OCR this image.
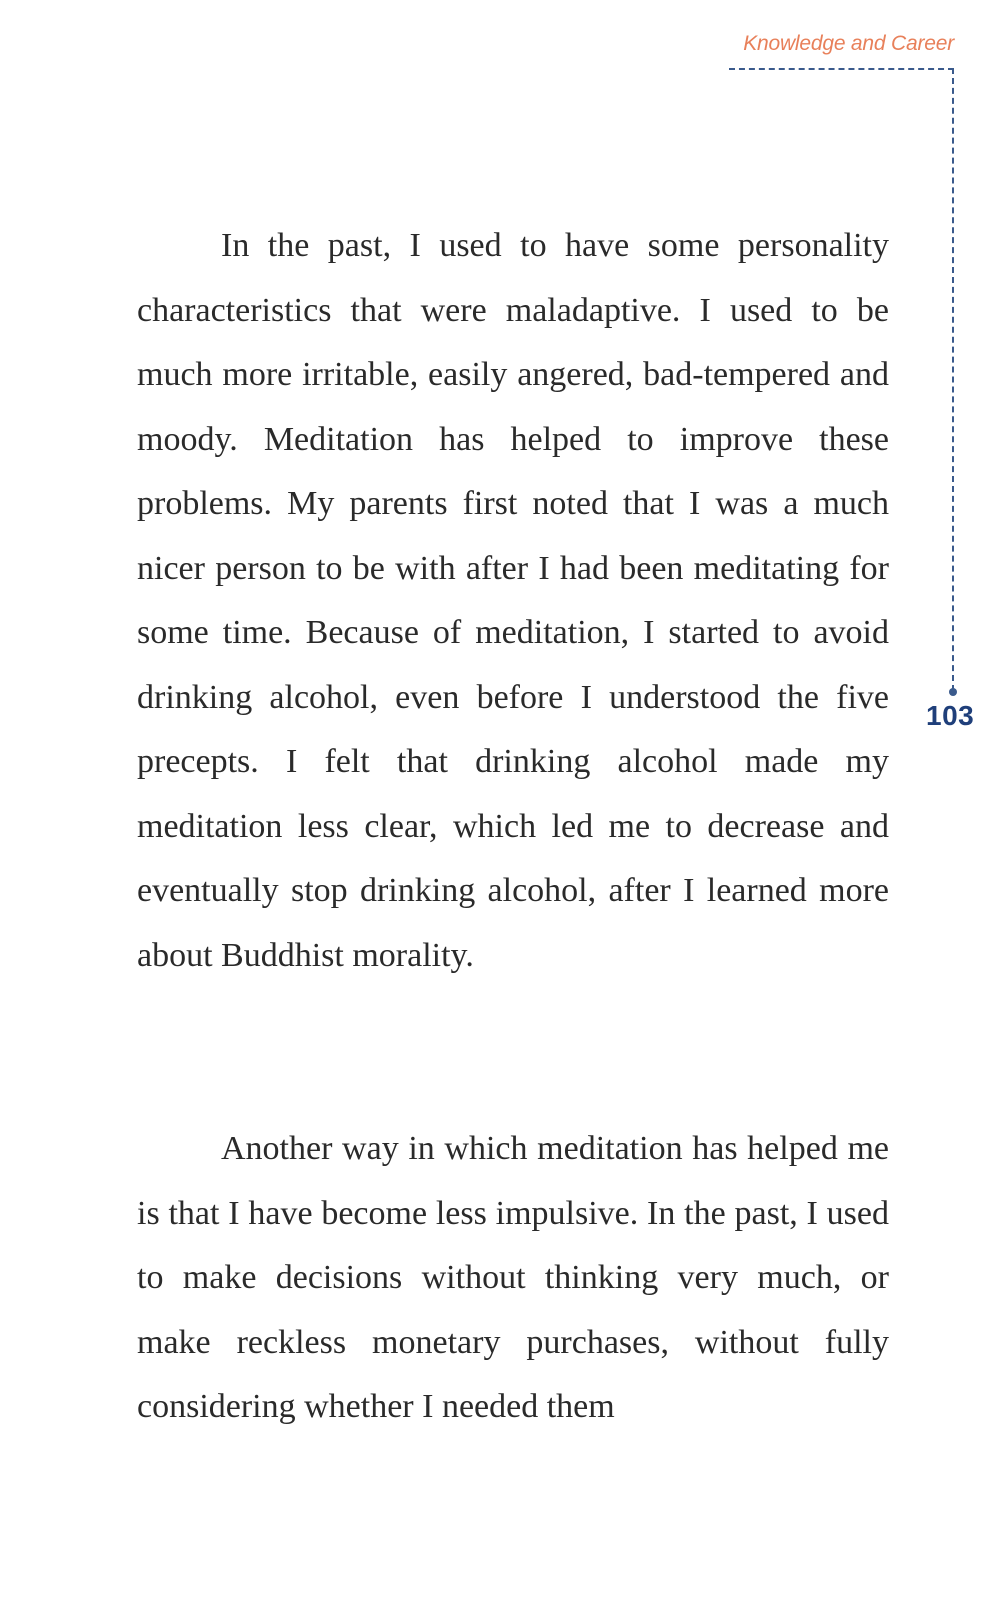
Knowledge and Career
103

In the past, I used to have some personality characteristics that were maladaptive. I used to be much more irritable, easily angered, bad-tempered and moody. Meditation has helped to improve these problems. My parents first noted that I was a much nicer person to be with after I had been meditating for some time. Because of meditation, I started to avoid drinking alcohol, even before I understood the five precepts. I felt that drinking alcohol made my meditation less clear, which led me to decrease and eventually stop drinking alcohol, after I learned more about Buddhist morality.

Another way in which meditation has helped me is that I have become less impulsive. In the past, I used to make decisions without thinking very much, or make reckless monetary purchases, without fully considering whether I needed them
